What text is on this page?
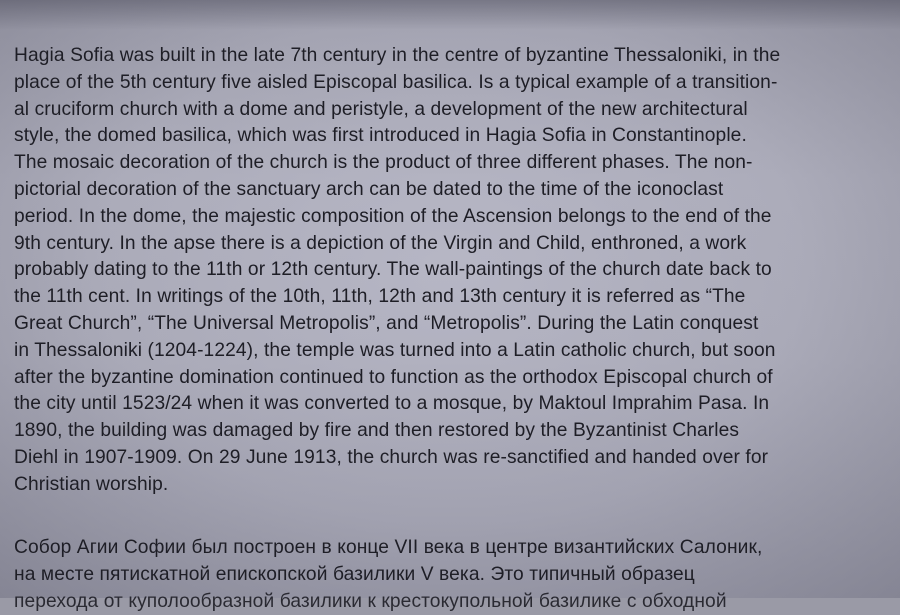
Hagia Sofia was built in the late 7th century in the centre of byzantine Thessaloniki, in the
place of the 5th century five aisled Episcopal basilica. Is a typical example of a transition-
al cruciform church with a dome and peristyle, a development of the new architectural
style, the domed basilica, which was first introduced in Hagia Sofia in Constantinople.
The mosaic decoration of the church is the product of three different phases. The non-
pictorial decoration of the sanctuary arch can be dated to the time of the iconoclast
period. In the dome, the majestic composition of the Ascension belongs to the end of the
9th century. In the apse there is a depiction of the Virgin and Child, enthroned, a work
probably dating to the 11th or 12th century. The wall-paintings of the church date back to
the 11th cent. In writings of the 10th, 11th, 12th and 13th century it is referred as “The
Great Church”, “The Universal Metropolis”, and “Metropolis”. During the Latin conquest
in Thessaloniki (1204-1224), the temple was turned into a Latin catholic church, but soon
after the byzantine domination continued to function as the orthodox Episcopal church of
the city until 1523/24 when it was converted to a mosque, by Maktoul Imprahim Pasa. In
1890, the building was damaged by fire and then restored by the Byzantinist Charles
Diehl in 1907-1909. On 29 June 1913, the church was re-sanctified and handed over for
Christian worship.

Собор Агии Софии был построен в конце VII века в центре византийских Салоник,
на месте пятискатной епископской базилики V века. Это типичный образец
перехода от куполообразной базилики к крестокупольной базилике с обходной
